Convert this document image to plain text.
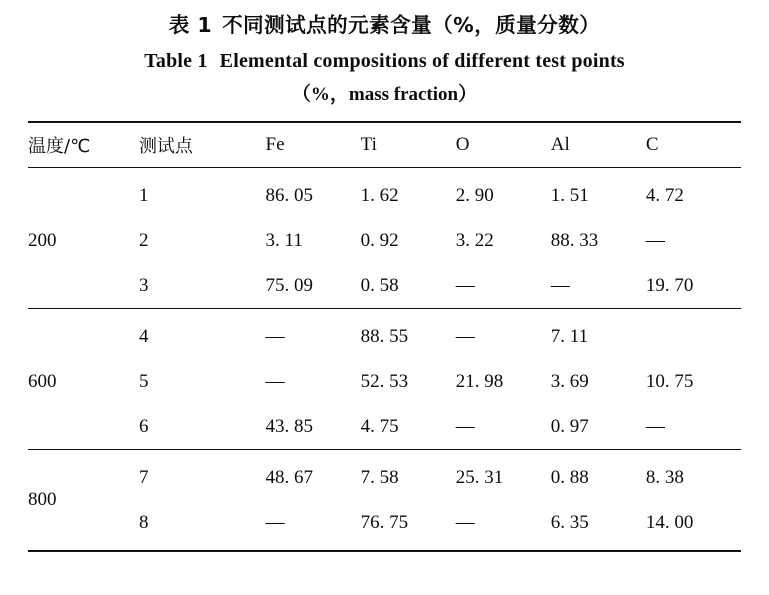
表 1 不同测试点的元素含量（%，质量分数）
Table 1 Elemental compositions of different test points
（%，mass fraction）
温度/℃	测试点	Fe	Ti	O	Al	C

200	1	86. 05	1. 62	2. 90	1. 51	4. 72
	2	3. 11	0. 92	3. 22	88. 33	—
	3	75. 09	0. 58	—	—	19. 70

600	4	—	88. 55	—	7. 11	
	5	—	52. 53	21. 98	3. 69	10. 75
	6	43. 85	4. 75	—	0. 97	—

800	7	48. 67	7. 58	25. 31	0. 88	8. 38
	8	—	76. 75	—	6. 35	14. 00
